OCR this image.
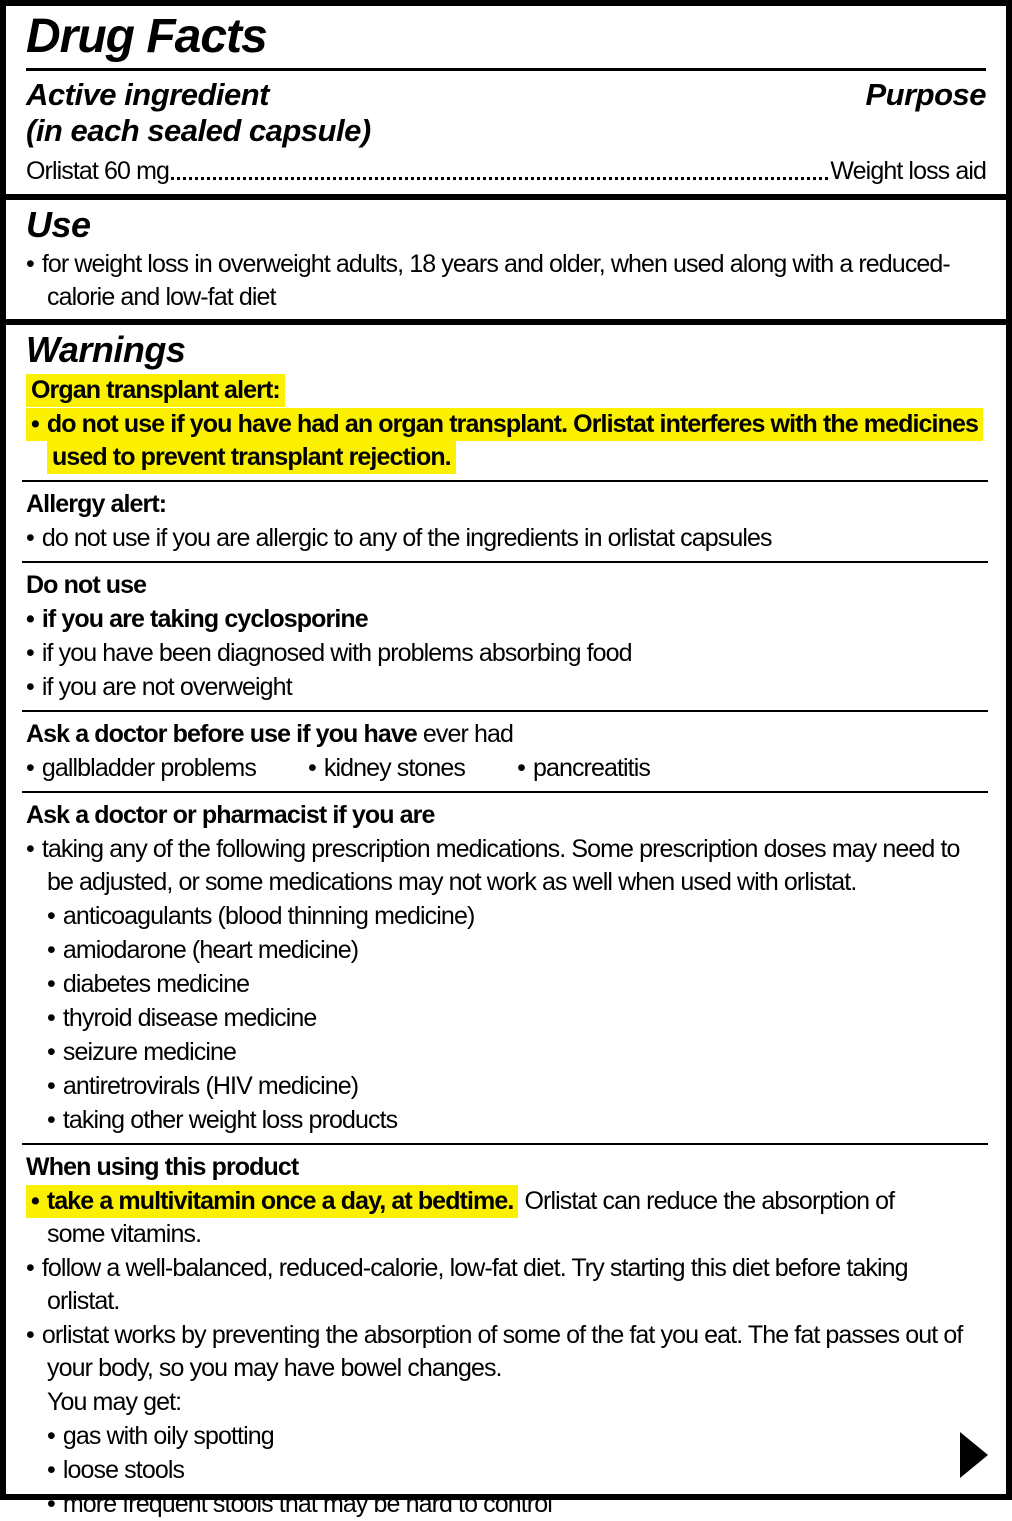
Drug Facts
Active ingredient
(in each sealed capsule)
Purpose
Orlistat 60 mg	Weight loss aid
Use

• for weight loss in overweight adults, 18 years and older, when used along with a reduced-calorie and low-fat diet

Warnings
Organ transplant alert:

• do not use if you have had an organ transplant. Orlistat interferes with the medicines used to prevent transplant rejection.

Allergy alert:

• do not use if you are allergic to any of the ingredients in orlistat capsules

Do not use

• if you are taking cyclosporine

• if you have been diagnosed with problems absorbing food

• if you are not overweight

Ask a doctor before use if you have ever had

• gallbladder problems • kidney stones • pancreatitis

Ask a doctor or pharmacist if you are

• taking any of the following prescription medications. Some prescription doses may need to be adjusted, or some medications may not work as well when used with orlistat.

• anticoagulants (blood thinning medicine)

• amiodarone (heart medicine)

• diabetes medicine

• thyroid disease medicine

• seizure medicine

• antiretrovirals (HIV medicine)

• taking other weight loss products

When using this product

• take a multivitamin once a day, at bedtime. Orlistat can reduce the absorption of some vitamins.

• follow a well-balanced, reduced-calorie, low-fat diet. Try starting this diet before taking orlistat.

• orlistat works by preventing the absorption of some of the fat you eat. The fat passes out of your body, so you may have bowel changes.

You may get:

• gas with oily spotting

• loose stools

• more frequent stools that may be hard to control
